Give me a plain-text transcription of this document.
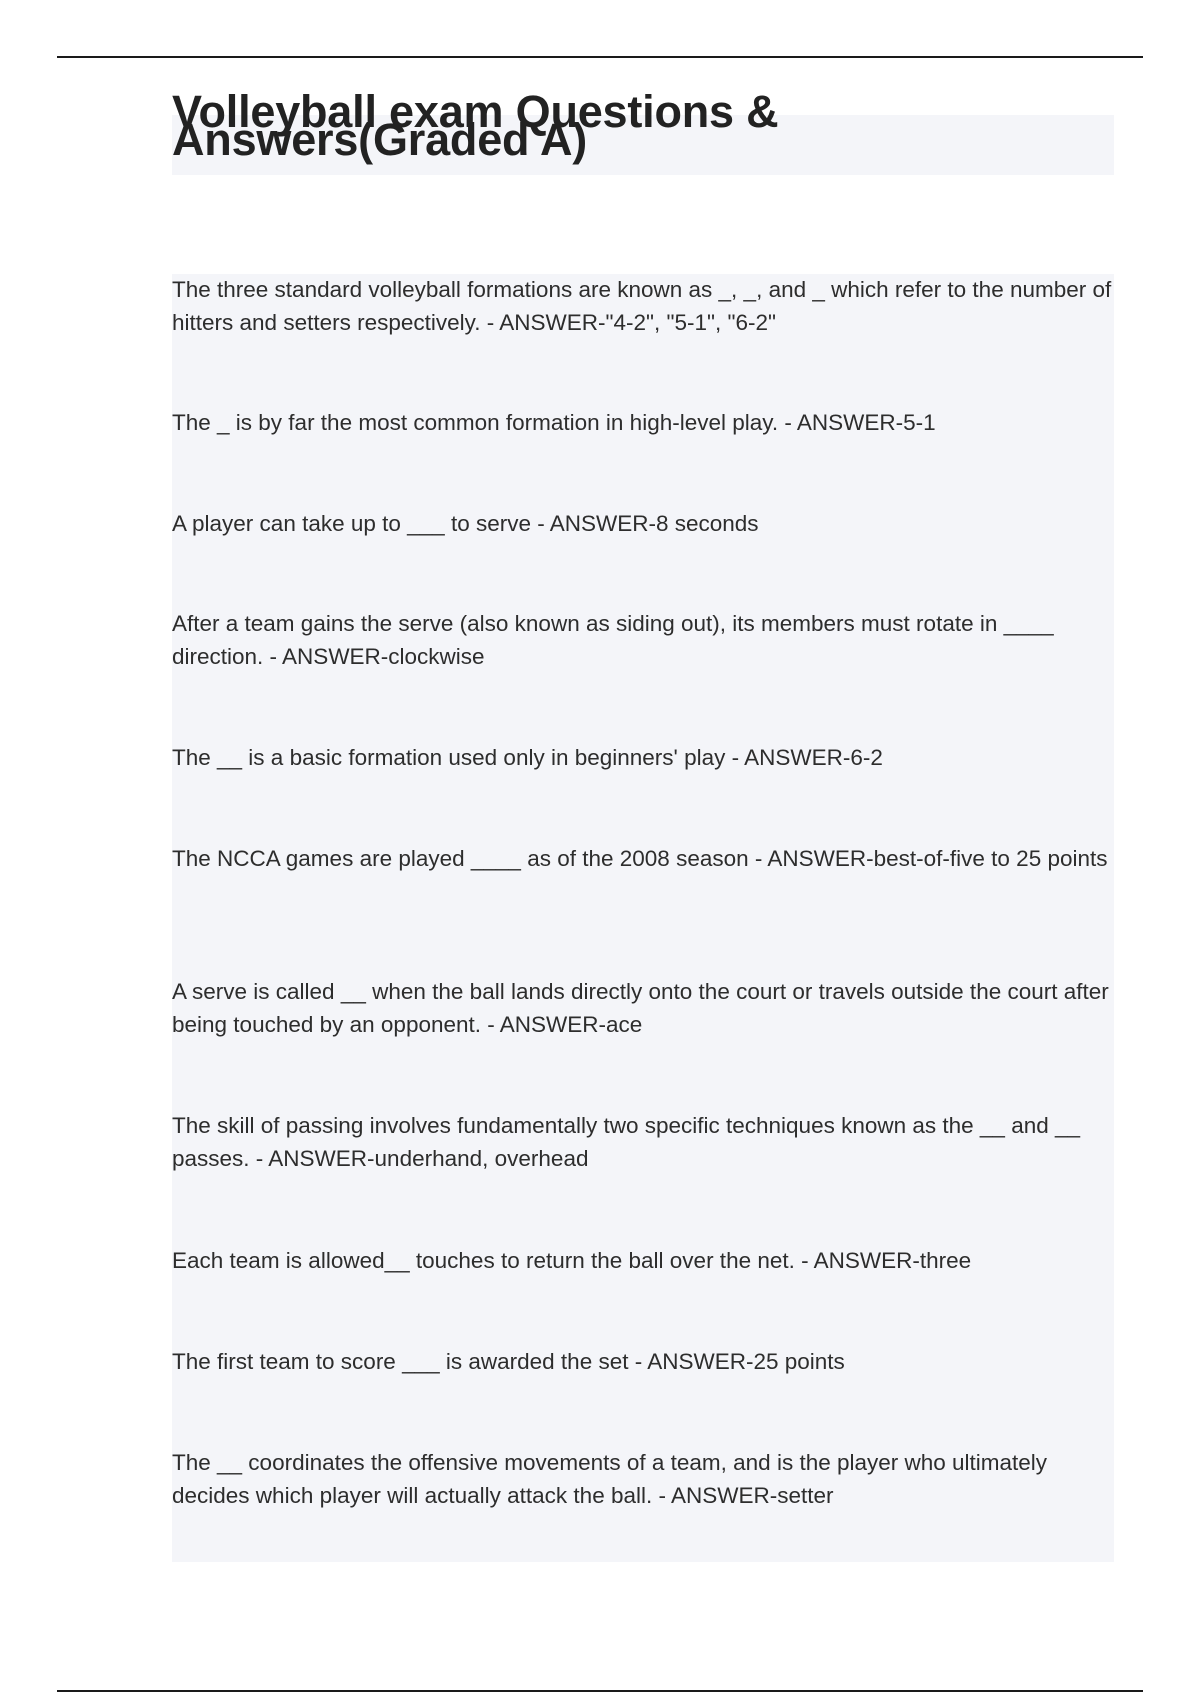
Volleyball exam Questions & Answers(Graded A)

The three standard volleyball formations are known as _, _, and _ which refer to the number of hitters and setters respectively. - ANSWER-"4-2", "5-1", "6-2"

The _ is by far the most common formation in high-level play. - ANSWER-5-1

A player can take up to ___ to serve - ANSWER-8 seconds

After a team gains the serve (also known as siding out), its members must rotate in ____ direction. - ANSWER-clockwise

The __ is a basic formation used only in beginners' play - ANSWER-6-2

The NCCA games are played ____ as of the 2008 season - ANSWER-best-of-five to 25 points

A serve is called __ when the ball lands directly onto the court or travels outside the court after being touched by an opponent. - ANSWER-ace

The skill of passing involves fundamentally two specific techniques known as the __ and __ passes. - ANSWER-underhand, overhead

Each team is allowed__ touches to return the ball over the net. - ANSWER-three

The first team to score ___ is awarded the set - ANSWER-25 points

The __ coordinates the offensive movements of a team, and is the player who ultimately decides which player will actually attack the ball. - ANSWER-setter
